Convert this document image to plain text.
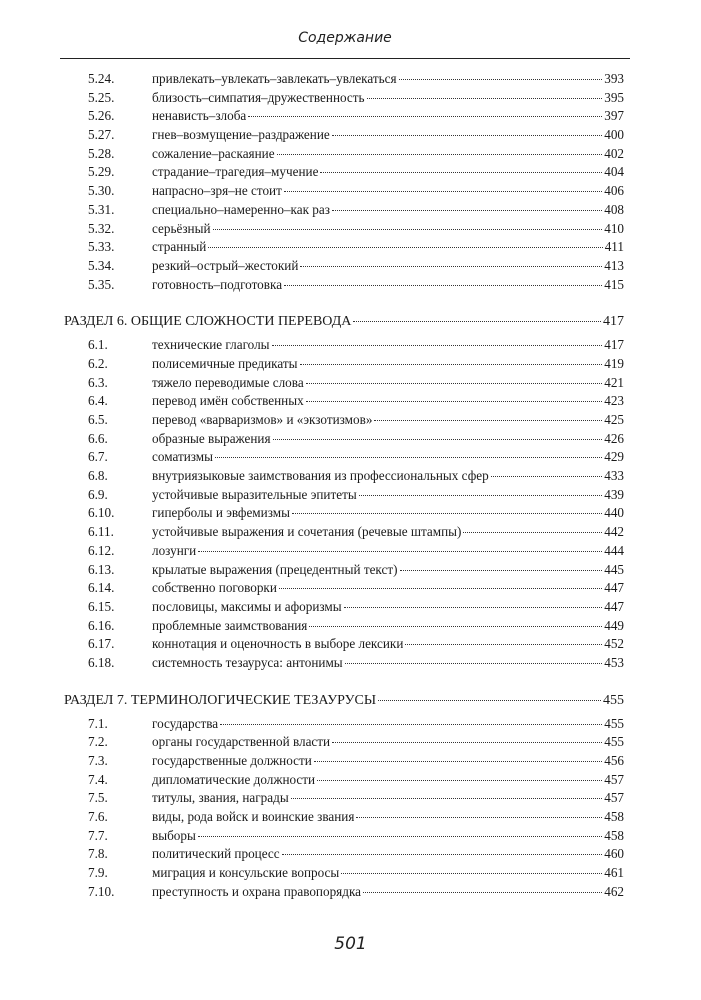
Содержание
5.24.	привлекать–увлекать–завлекать–увлекаться	393
5.25.	близость–симпатия–дружественность	395
5.26.	ненависть–злоба	397
5.27.	гнев–возмущение–раздражение	400
5.28.	сожаление–раскаяние	402
5.29.	страдание–трагедия–мучение	404
5.30.	напрасно–зря–не стоит	406
5.31.	специально–намеренно–как раз	408
5.32.	серьёзный	410
5.33.	странный	411
5.34.	резкий–острый–жестокий	413
5.35.	готовность–подготовка	415
РАЗДЕЛ 6. ОБЩИЕ СЛОЖНОСТИ ПЕРЕВОДА	417
6.1.	технические глаголы	417
6.2.	полисемичные предикаты	419
6.3.	тяжело переводимые слова	421
6.4.	перевод имён собственных	423
6.5.	перевод «варваризмов» и «экзотизмов»	425
6.6.	образные выражения	426
6.7.	соматизмы	429
6.8.	внутриязыковые заимствования из профессиональных сфер	433
6.9.	устойчивые выразительные эпитеты	439
6.10.	гиперболы и эвфемизмы	440
6.11.	устойчивые выражения и сочетания (речевые штампы)	442
6.12.	лозунги	444
6.13.	крылатые выражения (прецедентный текст)	445
6.14.	собственно поговорки	447
6.15.	пословицы, максимы и афоризмы	447
6.16.	проблемные заимствования	449
6.17.	коннотация и оценочность в выборе лексики	452
6.18.	системность тезауруса: антонимы	453
РАЗДЕЛ 7. ТЕРМИНОЛОГИЧЕСКИЕ ТЕЗАУРУСЫ	455
7.1.	государства	455
7.2.	органы государственной власти	455
7.3.	государственные должности	456
7.4.	дипломатические должности	457
7.5.	титулы, звания, награды	457
7.6.	виды, рода войск и воинские звания	458
7.7.	выборы	458
7.8.	политический процесс	460
7.9.	миграция и консульские вопросы	461
7.10.	преступность и охрана правопорядка	462
501
